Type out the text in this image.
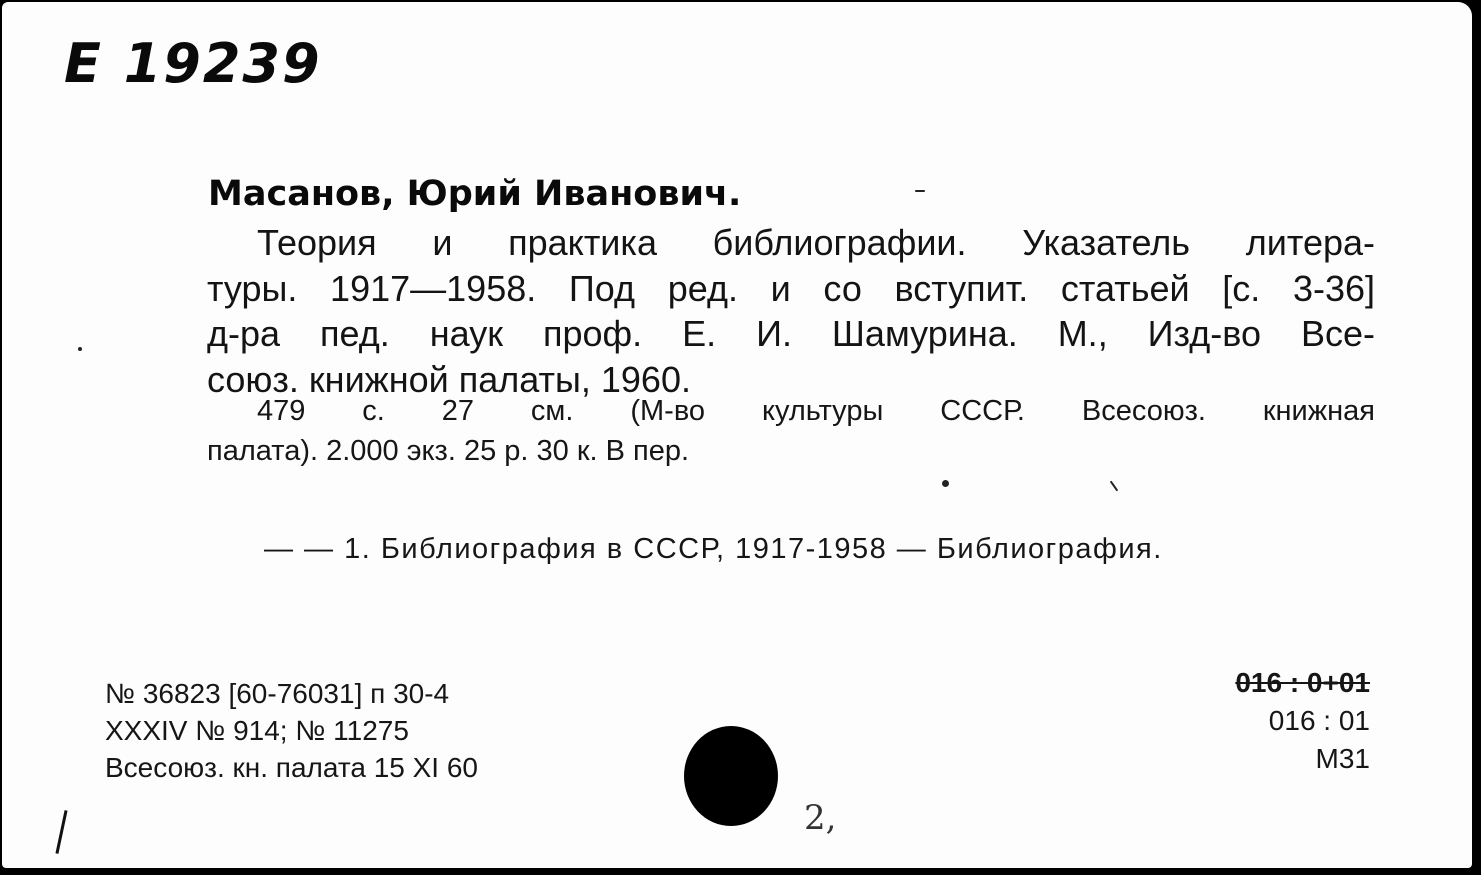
E 19239
Масанов, Юрий Иванович.
Теория и практика библиографии. Указатель литера-
туры. 1917—1958. Под ред. и со вступит. статьей [с. 3-36]
д-ра пед. наук проф. Е. И. Шамурина. М., Изд-во Все-
союз. книжной палаты, 1960.
479 с. 27 см. (М-во культуры СССР. Всесоюз. книжная
палата). 2.000 экз. 25 р. 30 к. В пер.
— — 1. Библиография в СССР, 1917-1958 — Библиография.
№ 36823 [60-76031] п 30-4
XXXIV № 914; № 11275
Всесоюз. кн. палата 15 XI 60
016 : 0+01
016 : 01
М31
2,
